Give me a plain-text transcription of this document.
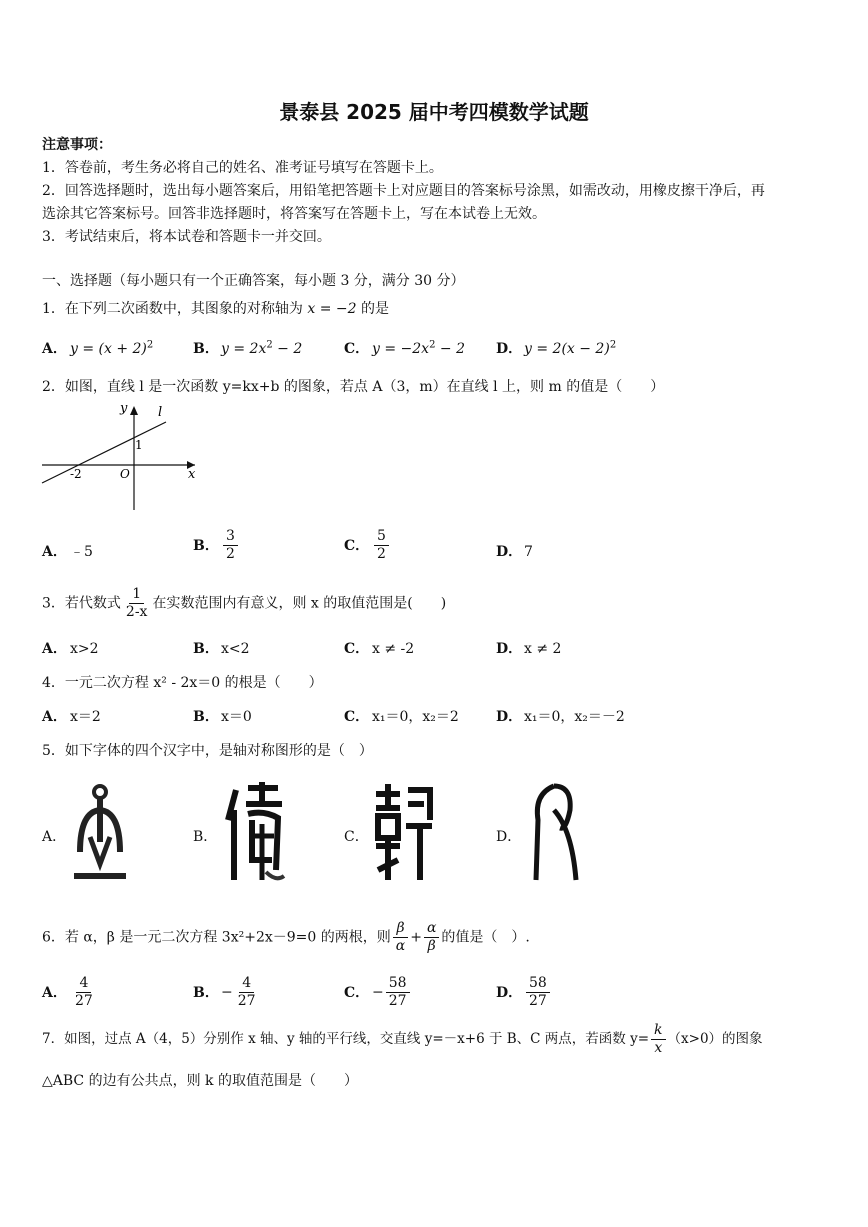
景泰县 2025 届中考四模数学试题
注意事项：
1．答卷前，考生务必将自己的姓名、准考证号填写在答题卡上。
2．回答选择题时，选出每小题答案后，用铅笔把答题卡上对应题目的答案标号涂黑，如需改动，用橡皮擦干净后，再
选涂其它答案标号。回答非选择题时，将答案写在答题卡上，写在本试卷上无效。
3．考试结束后，将本试卷和答题卡一并交回。
一、选择题（每小题只有一个正确答案，每小题 3 分，满分 30 分）
1．在下列二次函数中，其图象的对称轴为 x = −2 的是
A． $y = (x + 2)^2$	B． $y = 2x^2 - 2$	C． $y = -2x^2 - 2$ D． $y = 2(x - 2)^2$
2．如图，直线 l 是一次函数 y=kx+b 的图象，若点 A（3，m）在直线 l 上，则 m 的值是（　　）
y
x
l
1
-2	O
A． ﹣5	B． $\frac{3}{2}$	C． $\frac{5}{2}$	D． 7
3．若代数式 $\frac{1}{2-x}$ 在实数范围内有意义，则 x 的取值范围是(　　)
A． x>2	B． x<2	C． x ≠ -2	D． x ≠ 2
4．一元二次方程 x² - 2x＝0 的根是（　　）
A． x＝2	B． x＝0	C． x₁＝0，x₂＝2	D． x₁＝0，x₂＝－2
5．如下字体的四个汉字中，是轴对称图形的是（　）
A．	B．	C．	D．
6．若 α，β 是一元二次方程 3x²+2x－9=0 的两根，则 $\frac{\beta}{\alpha} + \frac{\alpha}{\beta}$ 的值是（　）.
A． $\frac{4}{27}$	B． − $\frac{4}{27}$	C． − $\frac{58}{27}$	D． $\frac{58}{27}$
7．如图，过点 A（4，5）分别作 x 轴、y 轴的平行线，交直线 y=－x+6 于 B、C 两点，若函数 $y= \frac{k}{x} (x>0)$的图象
△ABC 的边有公共点，则 k 的取值范围是（　　）
